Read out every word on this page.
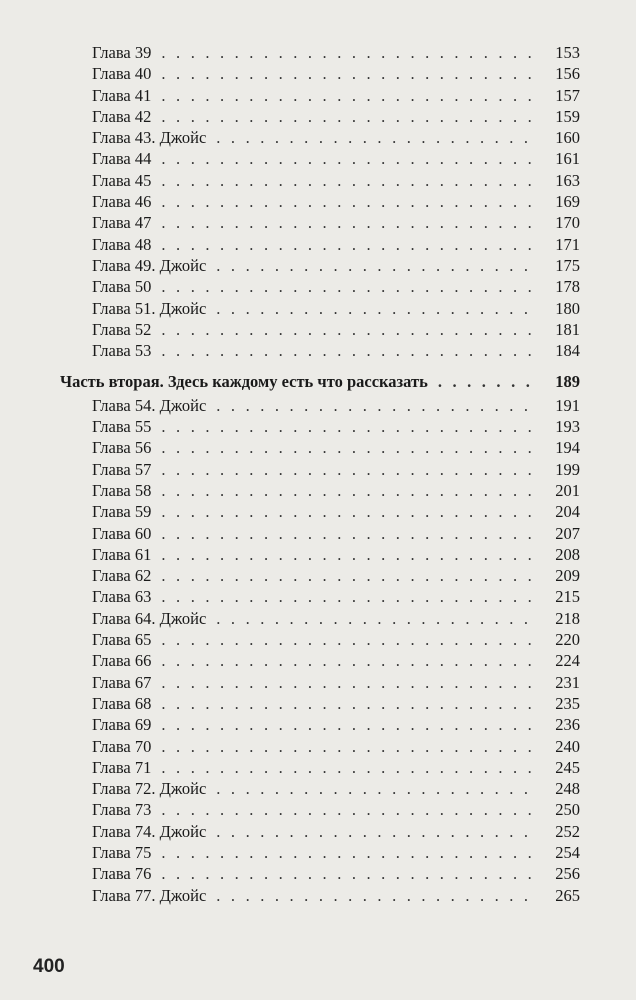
Глава 39 . . .	153
Глава 40 . . .	156
Глава 41 . . .	157
Глава 42 . . .	159
Глава 43. Джойс . . .	160
Глава 44 . . .	161
Глава 45 . . .	163
Глава 46 . . .	169
Глава 47 . . .	170
Глава 48 . . .	171
Глава 49. Джойс . . .	175
Глава 50 . . .	178
Глава 51. Джойс . . .	180
Глава 52 . . .	181
Глава 53 . . .	184
Часть вторая. Здесь каждому есть что рассказать . . .	189
Глава 54. Джойс . . .	191
Глава 55 . . .	193
Глава 56 . . .	194
Глава 57 . . .	199
Глава 58 . . .	201
Глава 59 . . .	204
Глава 60 . . .	207
Глава 61 . . .	208
Глава 62 . . .	209
Глава 63 . . .	215
Глава 64. Джойс . . .	218
Глава 65 . . .	220
Глава 66 . . .	224
Глава 67 . . .	231
Глава 68 . . .	235
Глава 69 . . .	236
Глава 70 . . .	240
Глава 71 . . .	245
Глава 72. Джойс . . .	248
Глава 73 . . .	250
Глава 74. Джойс . . .	252
Глава 75 . . .	254
Глава 76 . . .	256
Глава 77. Джойс . . .	265
400
